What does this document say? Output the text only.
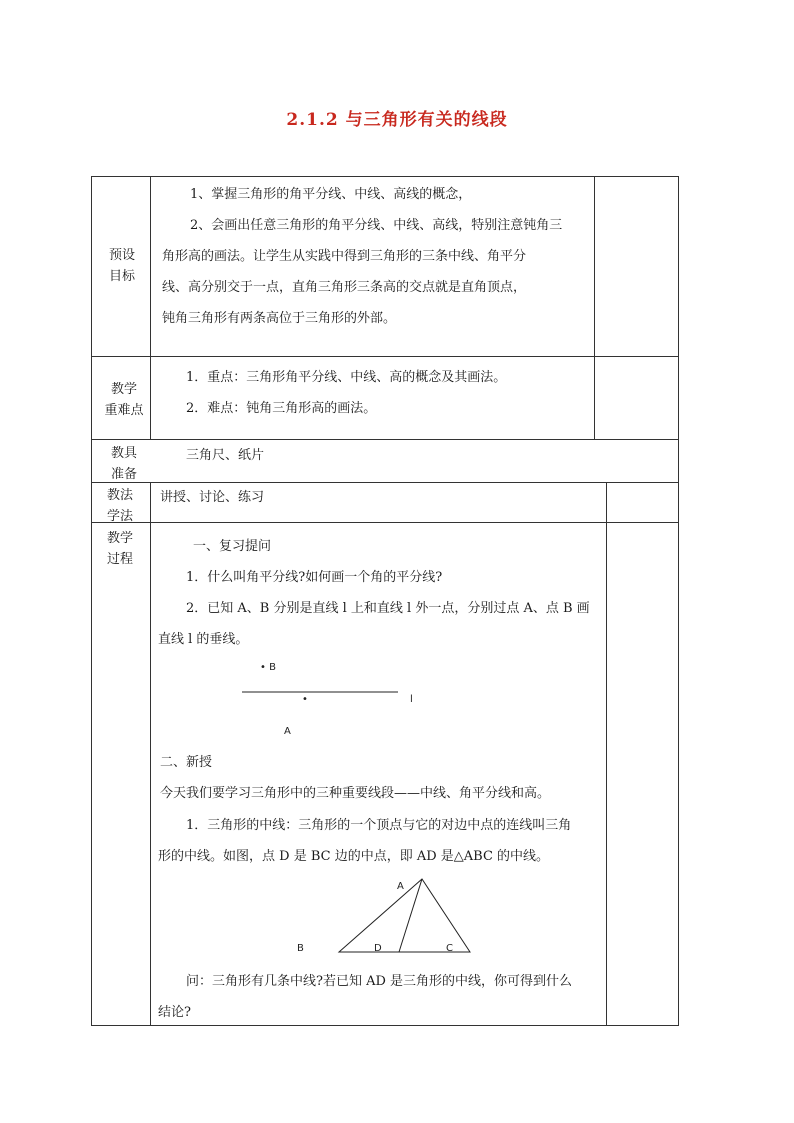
2.1.2 与三角形有关的线段
预设
目标
1、掌握三角形的角平分线、中线、高线的概念，
2、会画出任意三角形的角平分线、中线、高线，特别注意钝角三
角形高的画法。让学生从实践中得到三角形的三条中线、角平分
线、高分别交于一点，直角三角形三条高的交点就是直角顶点，
钝角三角形有两条高位于三角形的外部。
教学
重难点
1．重点：三角形角平分线、中线、高的概念及其画法。
2．难点：钝角三角形高的画法。
教具
准备
三角尺、纸片
教法
学法
讲授、讨论、练习
教学
过程
一、复习提问
1．什么叫角平分线?如何画一个角的平分线?
2．已知 A、B 分别是直线 l 上和直线 l 外一点，分别过点 A、点 B 画
直线 l 的垂线。
• B
•	l
A
二、新授
今天我们要学习三角形中的三种重要线段——中线、角平分线和高。
1．三角形的中线：三角形的一个顶点与它的对边中点的连线叫三角
形的中线。如图，点 D 是 BC 边的中点，即 AD 是△ABC 的中线。
A
B	D	C
问：三角形有几条中线?若已知 AD 是三角形的中线，你可得到什么
结论?
